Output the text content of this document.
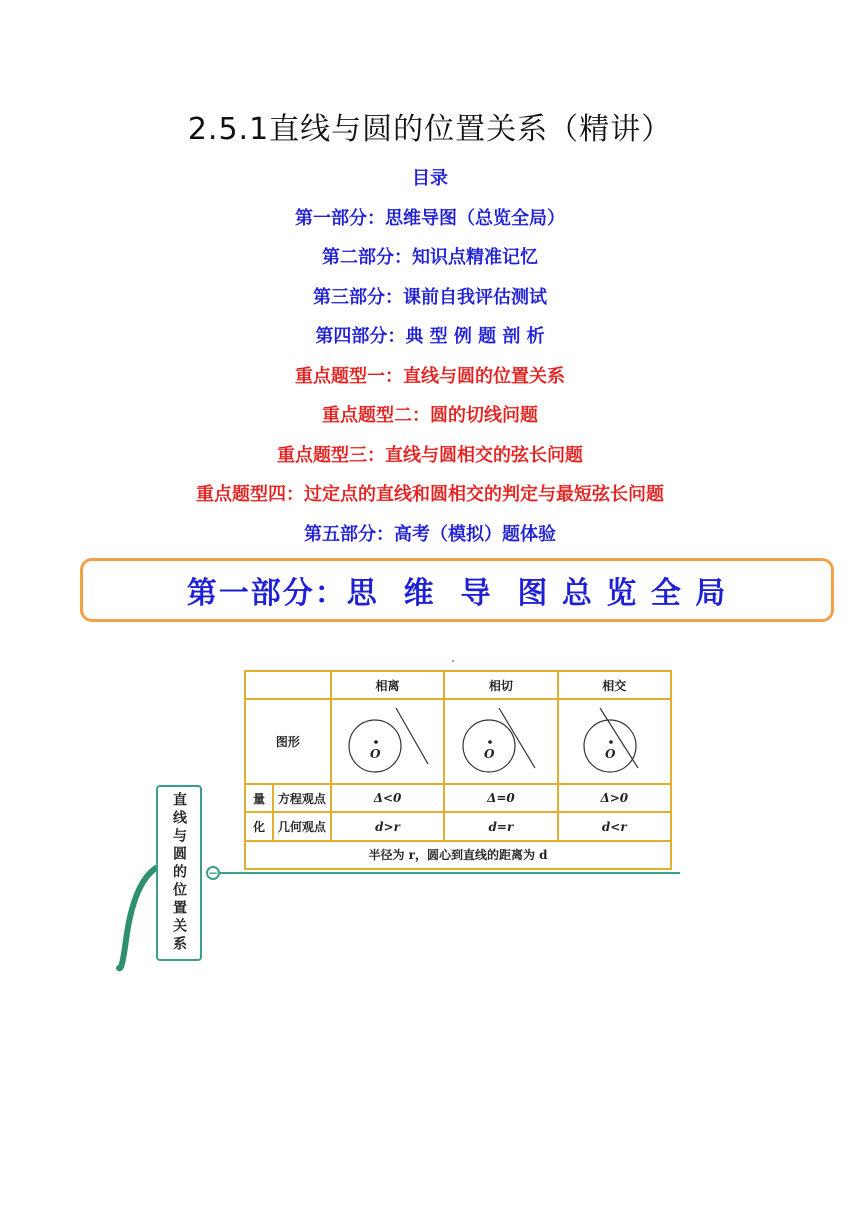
2.5.1直线与圆的位置关系（精讲）
目录
第一部分：思维导图（总览全局）
第二部分：知识点精准记忆
第三部分：课前自我评估测试
第四部分：典 型 例 题 剖 析
重点题型一：直线与圆的位置关系
重点题型二：圆的切线问题
重点题型三：直线与圆相交的弦长问题
重点题型四：过定点的直线和圆相交的判定与最短弦长问题
第五部分：高考（模拟）题体验
第一部分：思  维  导  图 总 览 全 局
		相离	相切	相交
图形		O	O	O

量	方程观点	Δ<0	Δ=0	Δ>0
化	几何观点	d>r	d=r	d<r
半径为 r，圆心到直线的距离为 d				
直线与圆的位置关系 −
